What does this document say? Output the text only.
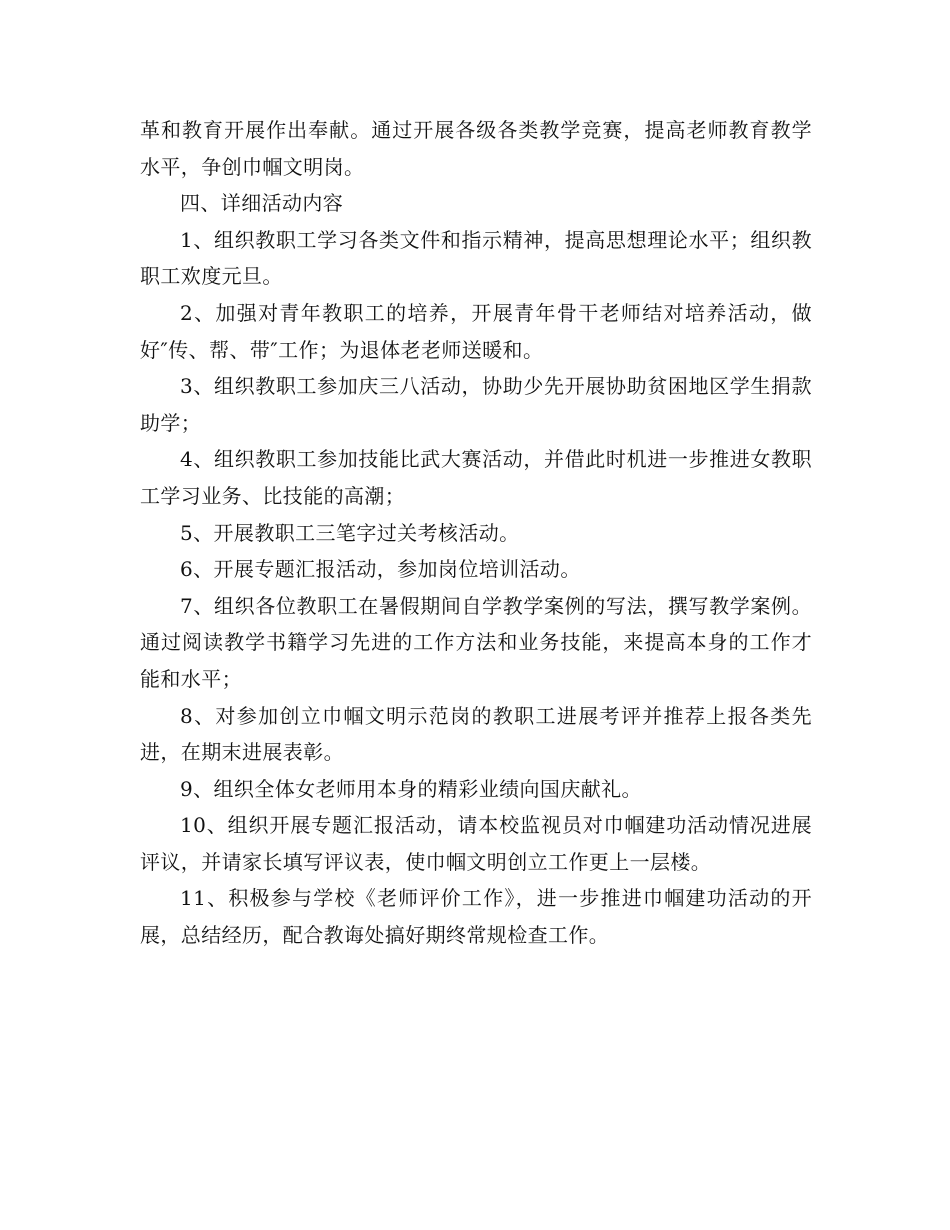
革和教育开展作出奉献。通过开展各级各类教学竞赛，提高老师教育教学水平，争创巾帼文明岗。

四、详细活动内容

1、组织教职工学习各类文件和指示精神，提高思想理论水平；组织教职工欢度元旦。

2、加强对青年教职工的培养，开展青年骨干老师结对培养活动，做好″传、帮、带″工作；为退体老老师送暖和。

3、组织教职工参加庆三八活动，协助少先开展协助贫困地区学生捐款助学；

4、组织教职工参加技能比武大赛活动，并借此时机进一步推进女教职工学习业务、比技能的高潮；

5、开展教职工三笔字过关考核活动。

6、开展专题汇报活动，参加岗位培训活动。

7、组织各位教职工在暑假期间自学教学案例的写法，撰写教学案例。通过阅读教学书籍学习先进的工作方法和业务技能，来提高本身的工作才能和水平；

8、对参加创立巾帼文明示范岗的教职工进展考评并推荐上报各类先进，在期末进展表彰。

9、组织全体女老师用本身的精彩业绩向国庆献礼。

10、组织开展专题汇报活动，请本校监视员对巾帼建功活动情况进展评议，并请家长填写评议表，使巾帼文明创立工作更上一层楼。

11、积极参与学校《老师评价工作》，进一步推进巾帼建功活动的开展，总结经历，配合教诲处搞好期终常规检查工作。
